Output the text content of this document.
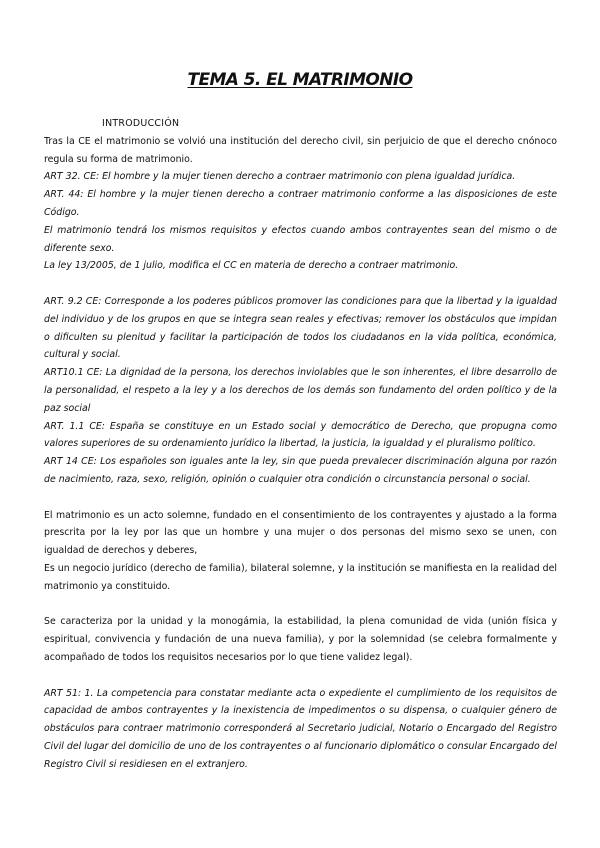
TEMA 5. EL MATRIMONIO

INTRODUCCIÓN

Tras la CE el matrimonio se volvió una institución del derecho civil, sin perjuicio de que el derecho cnónoco regula su forma de matrimonio.

ART 32. CE: El hombre y la mujer tienen derecho a contraer matrimonio con plena igualdad jurídica.

ART. 44: El hombre y la mujer tienen derecho a contraer matrimonio conforme a las disposiciones de este Código.

El matrimonio tendrá los mismos requisitos y efectos cuando ambos contrayentes sean del mismo o de diferente sexo.

La ley 13/2005, de 1 julio, modifica el CC en materia de derecho a contraer matrimonio.

ART. 9.2 CE: Corresponde a los poderes públicos promover las condiciones para que la libertad y la igualdad del individuo y de los grupos en que se integra sean reales y efectivas; remover los obstáculos que impidan o dificulten su plenitud y facilitar la participación de todos los ciudadanos en la vida política, económica, cultural y social.

ART10.1 CE: La dignidad de la persona, los derechos inviolables que le son inherentes, el libre desarrollo de la personalidad, el respeto a la ley y a los derechos de los demás son fundamento del orden político y de la paz social

ART. 1.1 CE: España se constituye en un Estado social y democrático de Derecho, que propugna como valores superiores de su ordenamiento jurídico la libertad, la justicia, la igualdad y el pluralismo político.

ART 14 CE: Los españoles son iguales ante la ley, sin que pueda prevalecer discriminación alguna por razón de nacimiento, raza, sexo, religión, opinión o cualquier otra condición o circunstancia personal o social.

El matrimonio es un acto solemne, fundado en el consentimiento de los contrayentes y ajustado a la forma prescrita por la ley por las que un hombre y una mujer o dos personas del mismo sexo se unen, con igualdad de derechos y deberes,

Es un negocio jurídico (derecho de familia), bilateral solemne, y la institución se manifiesta en la realidad del matrimonio ya constituido.

Se caracteriza por la unidad y la monogámia, la estabilidad, la plena comunidad de vida (unión física y espiritual, convivencia y fundación de una nueva familia), y por la solemnidad (se celebra formalmente y acompañado de todos los requisitos necesarios por lo que tiene validez legal).

ART 51: 1. La competencia para constatar mediante acta o expediente el cumplimiento de los requisitos de capacidad de ambos contrayentes y la inexistencia de impedimentos o su dispensa, o cualquier género de obstáculos para contraer matrimonio corresponderá al Secretario judicial, Notario o Encargado del Registro Civil del lugar del domicilio de uno de los contrayentes o al funcionario diplomático o consular Encargado del Registro Civil si residiesen en el extranjero.
